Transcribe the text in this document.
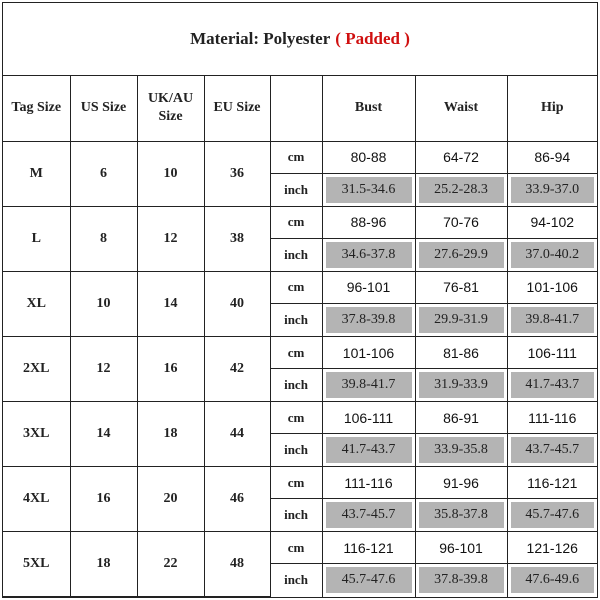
Material: Polyester ( Padded )
Tag Size	US Size	UK/AU
Size	EU Size		Bust	Waist	Hip
M	6	10	36	cm	80-88	64-72	86-94
				inch	31.5-34.6	25.2-28.3	33.9-37.0

L	8	12	38	cm	88-96	70-76	94-102
				inch	34.6-37.8	27.6-29.9	37.0-40.2

XL	10	14	40	cm	96-101	76-81	101-106
				inch	37.8-39.8	29.9-31.9	39.8-41.7

2XL	12	16	42	cm	101-106	81-86	106-111
				inch	39.8-41.7	31.9-33.9	41.7-43.7

3XL	14	18	44	cm	106-111	86-91	111-116
				inch	41.7-43.7	33.9-35.8	43.7-45.7

4XL	16	20	46	cm	111-116	91-96	116-121
				inch	43.7-45.7	35.8-37.8	45.7-47.6

5XL	18	22	48	cm	116-121	96-101	121-126
				inch	45.7-47.6	37.8-39.8	47.6-49.6
